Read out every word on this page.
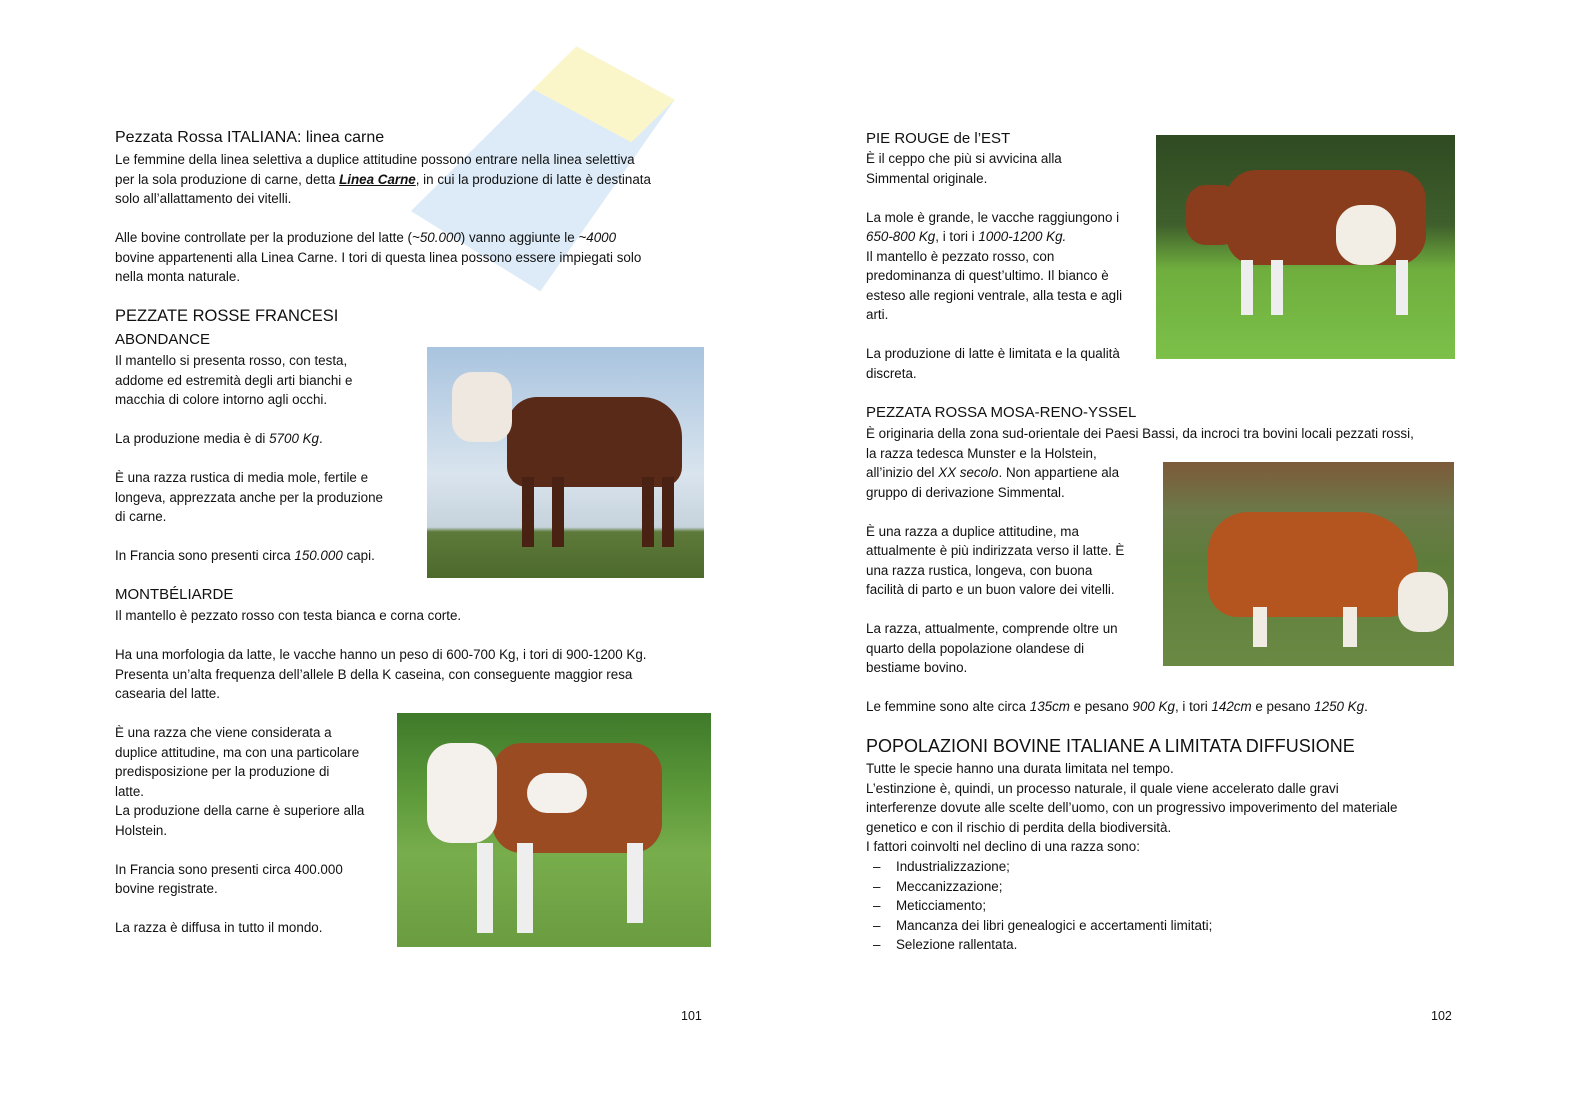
Pezzata Rossa ITALIANA: linea carne
Le femmine della linea selettiva a duplice attitudine possono entrare nella linea selettiva
per la sola produzione di carne, detta Linea Carne, in cui la produzione di latte è destinata
solo all’allattamento dei vitelli.
Alle bovine controllate per la produzione del latte (~50.000) vanno aggiunte le ~4000
bovine appartenenti alla Linea Carne. I tori di questa linea possono essere impiegati solo
nella monta naturale.
PEZZATE ROSSE FRANCESI
ABONDANCE
Il mantello si presenta rosso, con testa,
addome ed estremità degli arti bianchi e
macchia di colore intorno agli occhi.
La produzione media è di 5700 Kg.
È una razza rustica di media mole, fertile e
longeva, apprezzata anche per la produzione
di carne.
In Francia sono presenti circa 150.000 capi.
MONTBÉLIARDE
Il mantello è pezzato rosso con testa bianca e corna corte.
Ha una morfologia da latte, le vacche hanno un peso di 600-700 Kg, i tori di 900-1200 Kg.
Presenta un’alta frequenza dell’allele B della K caseina, con conseguente maggior resa
casearia del latte.
È una razza che viene considerata a
duplice attitudine, ma con una particolare
predisposizione per la produzione di
latte.
La produzione della carne è superiore alla
Holstein.
In Francia sono presenti circa 400.000
bovine registrate.
La razza è diffusa in tutto il mondo.
101
PIE ROUGE de l’EST
È il ceppo che più si avvicina alla
Simmental originale.
La mole è grande, le vacche raggiungono i
650-800 Kg, i tori i 1000-1200 Kg.
Il mantello è pezzato rosso, con
predominanza di quest’ultimo. Il bianco è
esteso alle regioni ventrale, alla testa e agli
arti.
La produzione di latte è limitata e la qualità
discreta.
PEZZATA ROSSA MOSA-RENO-YSSEL
È originaria della zona sud-orientale dei Paesi Bassi, da incroci tra bovini locali pezzati rossi,
la razza tedesca Munster e la Holstein,
all’inizio del XX secolo. Non appartiene ala
gruppo di derivazione Simmental.
È una razza a duplice attitudine, ma
attualmente è più indirizzata verso il latte. È
una razza rustica, longeva, con buona
facilità di parto e un buon valore dei vitelli.
La razza, attualmente, comprende oltre un
quarto della popolazione olandese di
bestiame bovino.
Le femmine sono alte circa 135cm e pesano 900 Kg, i tori 142cm e pesano 1250 Kg.
POPOLAZIONI BOVINE ITALIANE A LIMITATA DIFFUSIONE
Tutte le specie hanno una durata limitata nel tempo.
L’estinzione è, quindi, un processo naturale, il quale viene accelerato dalle gravi
interferenze dovute alle scelte dell’uomo, con un progressivo impoverimento del materiale
genetico e con il rischio di perdita della biodiversità.
I fattori coinvolti nel declino di una razza sono:
– Industrializzazione;
– Meccanizzazione;
– Meticciamento;
– Mancanza dei libri genealogici e accertamenti limitati;
– Selezione rallentata.
102
